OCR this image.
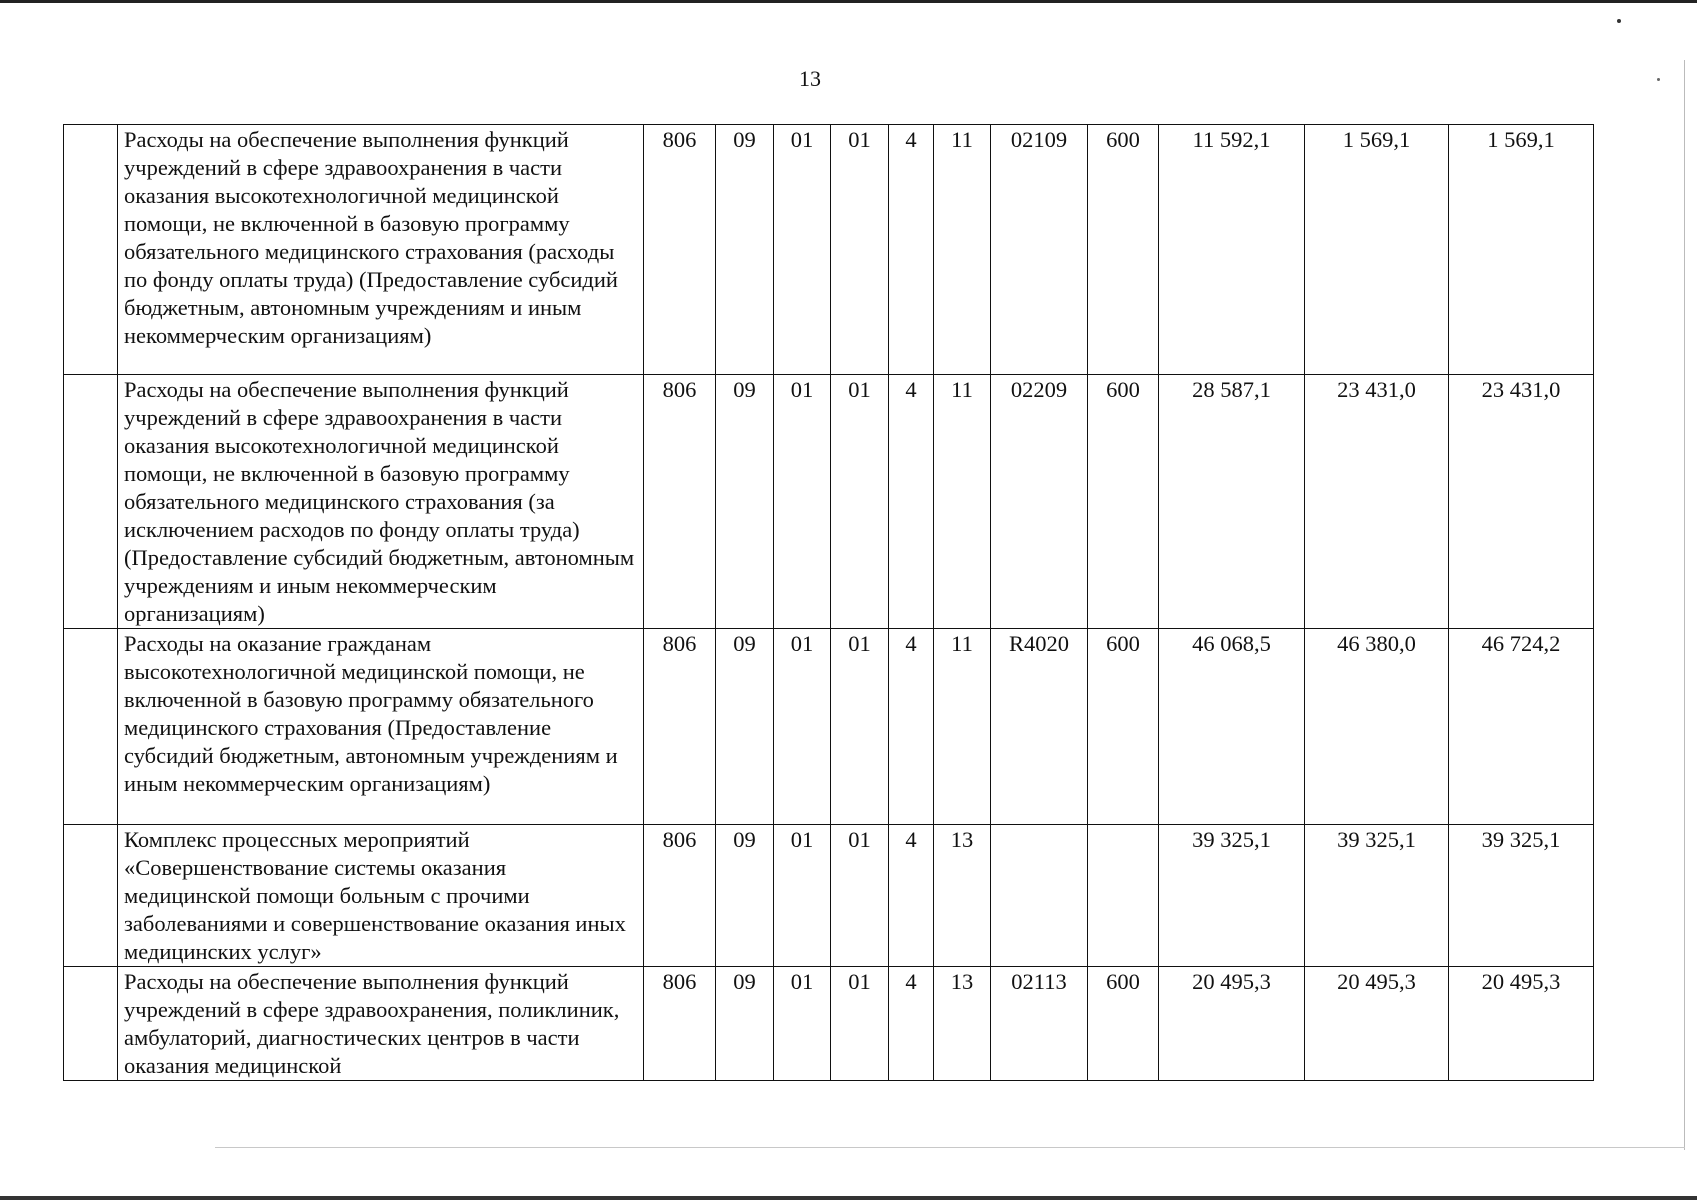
13
	Расходы на обеспечение выполнения функций учреждений в сфере здравоохранения в части оказания высокотехнологичной медицинской помощи, не включенной в базовую программу обязательного медицинского страхования (расходы по фонду оплаты труда) (Предоставление субсидий бюджетным, автономным учреждениям и иным некоммерческим организациям)	806	09	01	01	4	11	02109	600	11 592,1	1 569,1	1 569,1
	Расходы на обеспечение выполнения функций учреждений в сфере здравоохранения в части оказания высокотехнологичной медицинской помощи, не включенной в базовую программу обязательного медицинского страхования (за исключением расходов по фонду оплаты труда) (Предоставление субсидий бюджетным, автономным учреждениям и иным некоммерческим организациям)	806	09	01	01	4	11	02209	600	28 587,1	23 431,0	23 431,0
	Расходы на оказание гражданам высокотехнологичной медицинской помощи, не включенной в базовую программу обязательного медицинского страхования (Предоставление субсидий бюджетным, автономным учреждениям и иным некоммерческим организациям)	806	09	01	01	4	11	R4020	600	46 068,5	46 380,0	46 724,2
	Комплекс процессных мероприятий «Совершенствование системы оказания медицинской помощи больным с прочими заболеваниями и совершенствование оказания иных медицинских услуг»	806	09	01	01	4	13			39 325,1	39 325,1	39 325,1
	Расходы на обеспечение выполнения функций учреждений в сфере здравоохранения, поликлиник, амбулаторий, диагностических центров в части оказания медицинской	806	09	01	01	4	13	02113	600	20 495,3	20 495,3	20 495,3
